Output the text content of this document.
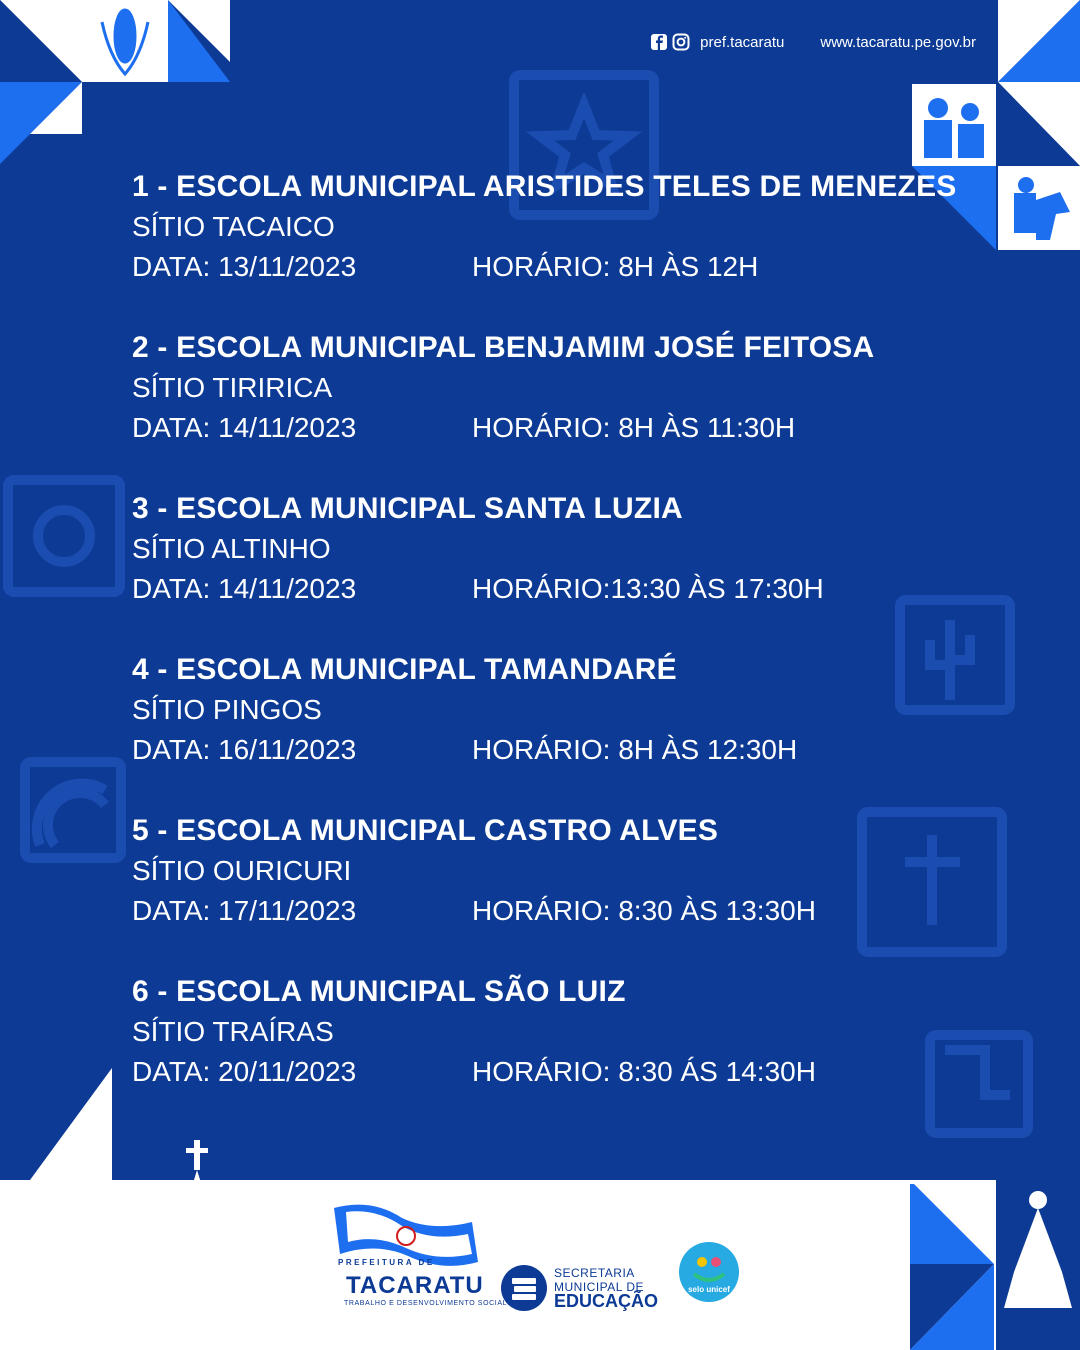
pref.tacaratu www.tacaratu.pe.gov.br
1 - ESCOLA MUNICIPAL ARISTIDES TELES DE MENEZES
SÍTIO TACAICO
DATA: 13/11/2023	HORÁRIO: 8H ÀS 12H
2 - ESCOLA MUNICIPAL BENJAMIM JOSÉ FEITOSA
SÍTIO TIRIRICA
DATA: 14/11/2023	HORÁRIO: 8H ÀS 11:30H
3 - ESCOLA MUNICIPAL SANTA LUZIA
SÍTIO ALTINHO
DATA: 14/11/2023	HORÁRIO:13:30 ÀS 17:30H
4 - ESCOLA MUNICIPAL TAMANDARÉ
SÍTIO PINGOS
DATA: 16/11/2023	HORÁRIO: 8H ÀS 12:30H
5 - ESCOLA MUNICIPAL CASTRO ALVES
SÍTIO OURICURI
DATA: 17/11/2023	HORÁRIO: 8:30 ÀS 13:30H
6 - ESCOLA MUNICIPAL SÃO LUIZ
SÍTIO TRAÍRAS
DATA: 20/11/2023	HORÁRIO: 8:30 ÁS 14:30H
PREFEITURA DE
TACARATU
TRABALHO E DESENVOLVIMENTO SOCIAL
SECRETARIA
MUNICIPAL DE
EDUCAÇÃO
selo unicef
